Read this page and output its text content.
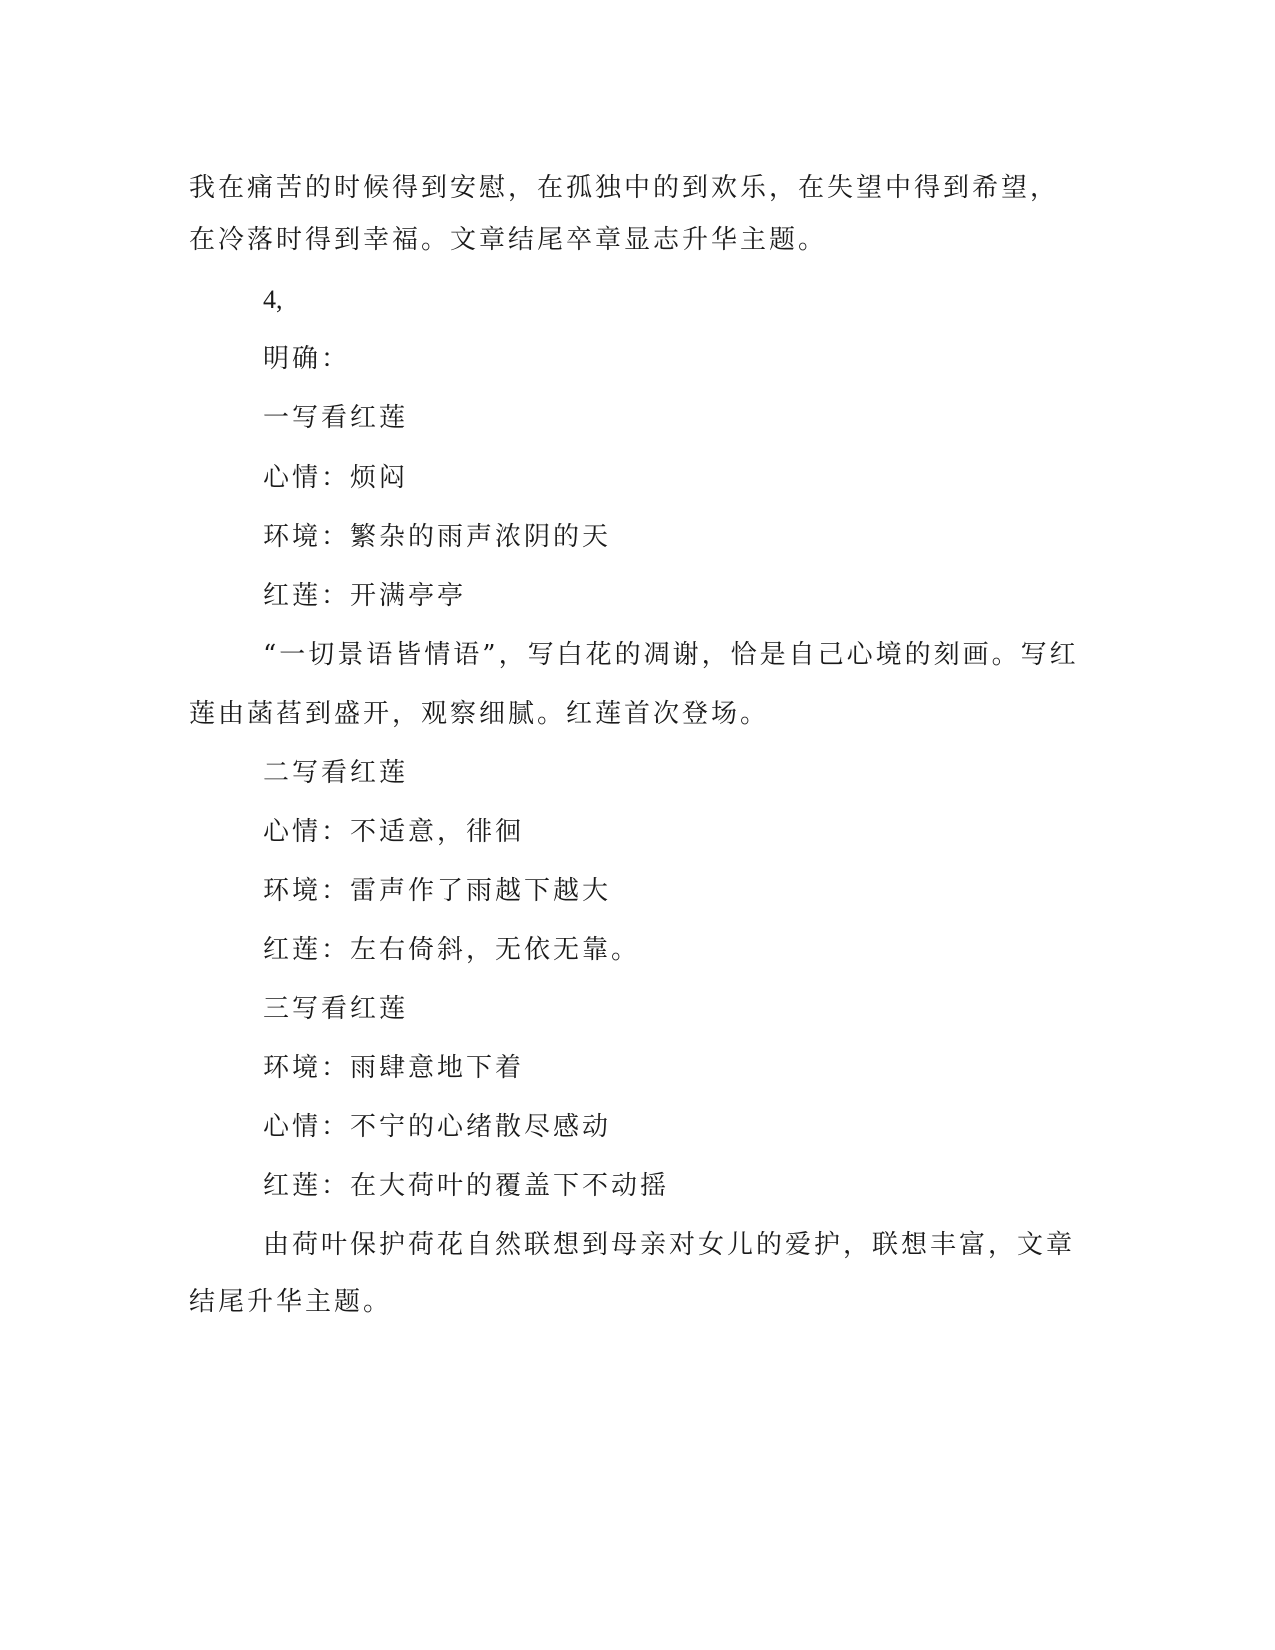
我在痛苦的时候得到安慰，在孤独中的到欢乐，在失望中得到希望，
在冷落时得到幸福。文章结尾卒章显志升华主题。
4,
明确：
一写看红莲
心情：烦闷
环境：繁杂的雨声浓阴的天
红莲：开满亭亭
“一切景语皆情语”，写白花的凋谢，恰是自己心境的刻画。写红
莲由菡萏到盛开，观察细腻。红莲首次登场。
二写看红莲
心情：不适意，徘徊
环境：雷声作了雨越下越大
红莲：左右倚斜，无依无靠。
三写看红莲
环境：雨肆意地下着
心情：不宁的心绪散尽感动
红莲：在大荷叶的覆盖下不动摇
由荷叶保护荷花自然联想到母亲对女儿的爱护，联想丰富，文章
结尾升华主题。
